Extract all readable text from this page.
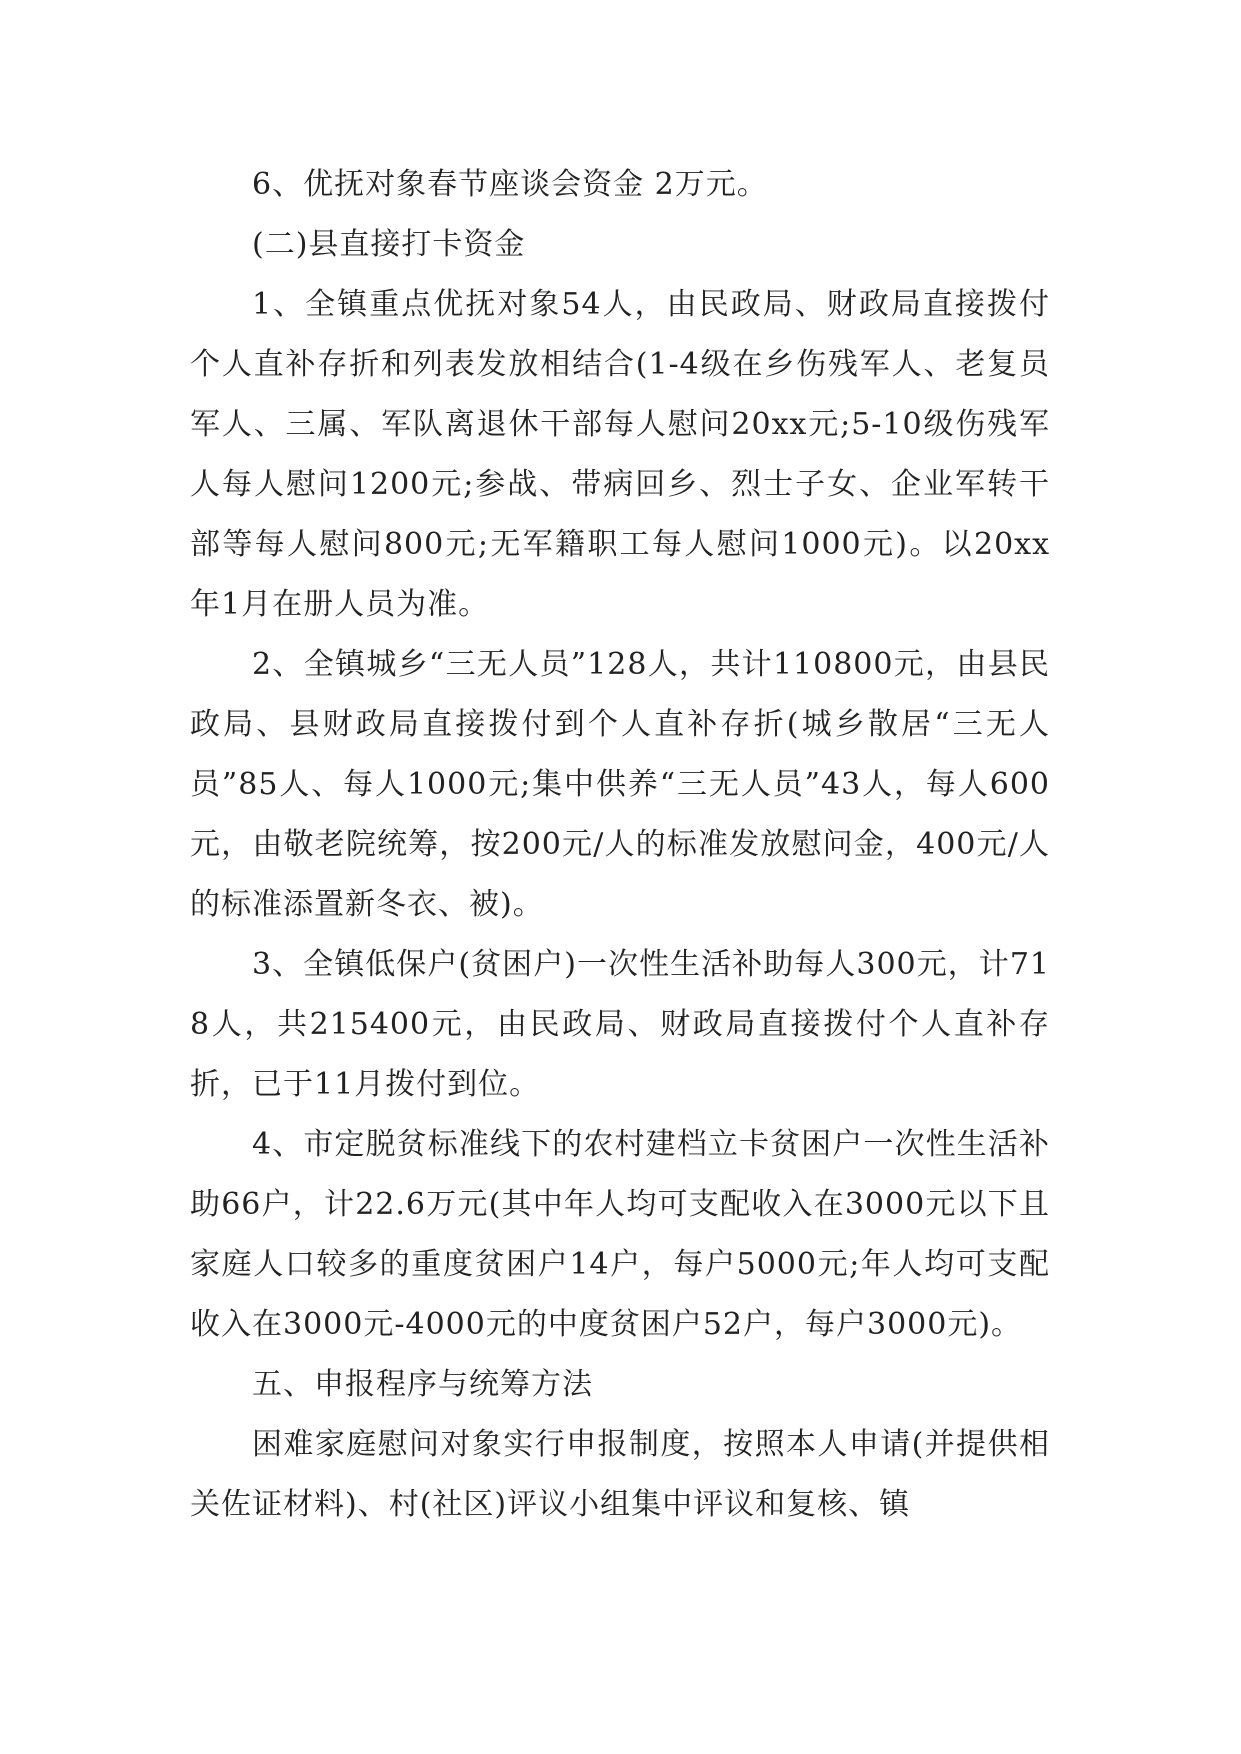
6、优抚对象春节座谈会资金 2万元。

(二)县直接打卡资金

1、全镇重点优抚对象54人，由民政局、财政局直接拨付个人直补存折和列表发放相结合(1-4级在乡伤残军人、老复员军人、三属、军队离退休干部每人慰问20xx元;5-10级伤残军人每人慰问1200元;参战、带病回乡、烈士子女、企业军转干部等每人慰问800元;无军籍职工每人慰问1000元)。以20xx年1月在册人员为准。

2、全镇城乡“三无人员”128人，共计110800元，由县民政局、县财政局直接拨付到个人直补存折(城乡散居“三无人员”85人、每人1000元;集中供养“三无人员”43人，每人600元，由敬老院统筹，按200元/人的标准发放慰问金，400元/人的标准添置新冬衣、被)。

3、全镇低保户(贫困户)一次性生活补助每人300元，计718人，共215400元，由民政局、财政局直接拨付个人直补存折，已于11月拨付到位。

4、市定脱贫标准线下的农村建档立卡贫困户一次性生活补助66户，计22.6万元(其中年人均可支配收入在3000元以下且家庭人口较多的重度贫困户14户，每户5000元;年人均可支配收入在3000元-4000元的中度贫困户52户，每户3000元)。

五、申报程序与统筹方法

困难家庭慰问对象实行申报制度，按照本人申请(并提供相关佐证材料)、村(社区)评议小组集中评议和复核、镇
